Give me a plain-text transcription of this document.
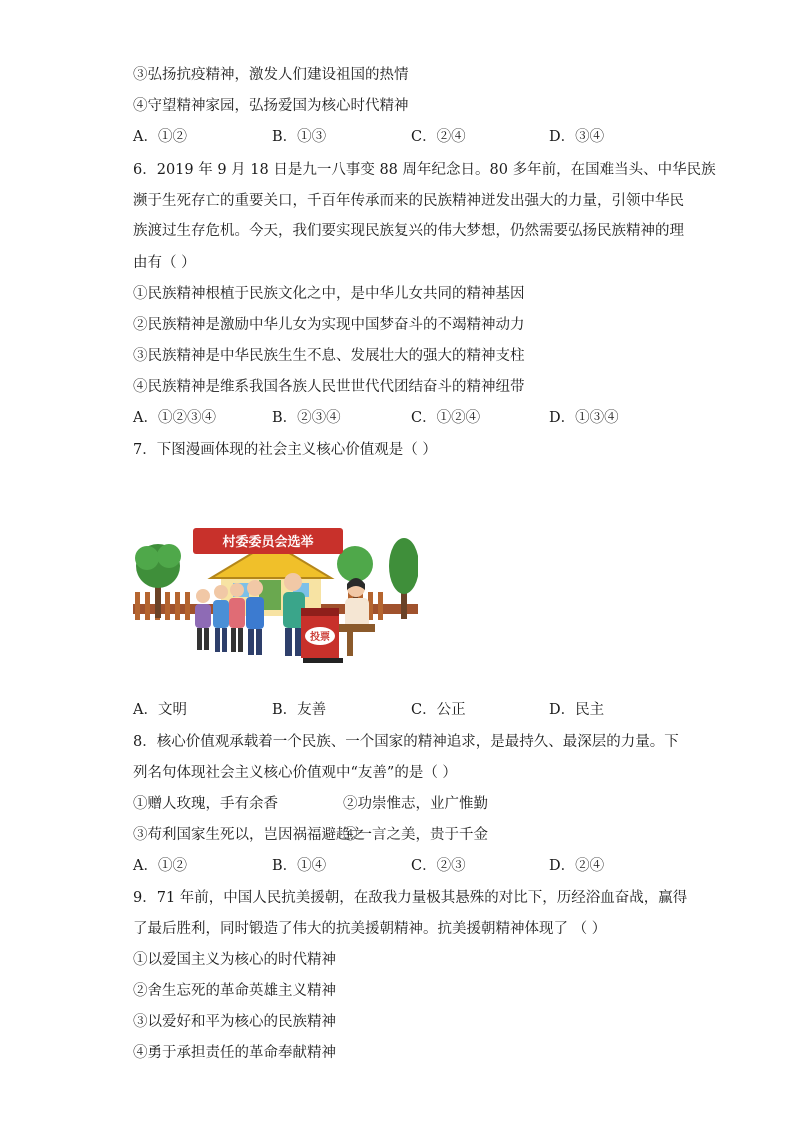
③弘扬抗疫精神，激发人们建设祖国的热情
④守望精神家园，弘扬爱国为核心时代精神
A．①②	B．①③	C．②④	D．③④
6．2019 年 9 月 18 日是九一八事变 88 周年纪念日。80 多年前，在国难当头、中华民族
濒于生死存亡的重要关口，千百年传承而来的民族精神迸发出强大的力量，引领中华民
族渡过生存危机。今天，我们要实现民族复兴的伟大梦想，仍然需要弘扬民族精神的理
由有（ ）
①民族精神根植于民族文化之中，是中华儿女共同的精神基因
②民族精神是激励中华儿女为实现中国梦奋斗的不竭精神动力
③民族精神是中华民族生生不息、发展壮大的强大的精神支柱
④民族精神是维系我国各族人民世世代代团结奋斗的精神纽带
A．①②③④	B．②③④	C．①②④	D．①③④
7．下图漫画体现的社会主义核心价值观是（ ）
村委委员会选举
投票
A．文明	B．友善	C．公正	D．民主
8．核心价值观承载着一个民族、一个国家的精神追求，是最持久、最深层的力量。下
列名句体现社会主义核心价值观中“友善”的是（ ）
①赠人玫瑰，手有余香	②功崇惟志，业广惟勤
③苟利国家生死以，岂因祸福避趋之
④一言之美，贵于千金
A．①②	B．①④	C．②③	D．②④
9．71 年前，中国人民抗美援朝，在敌我力量极其悬殊的对比下，历经浴血奋战，赢得
了最后胜利，同时锻造了伟大的抗美援朝精神。抗美援朝精神体现了 （ ）
①以爱国主义为核心的时代精神
②舍生忘死的革命英雄主义精神
③以爱好和平为核心的民族精神
④勇于承担责任的革命奉献精神
